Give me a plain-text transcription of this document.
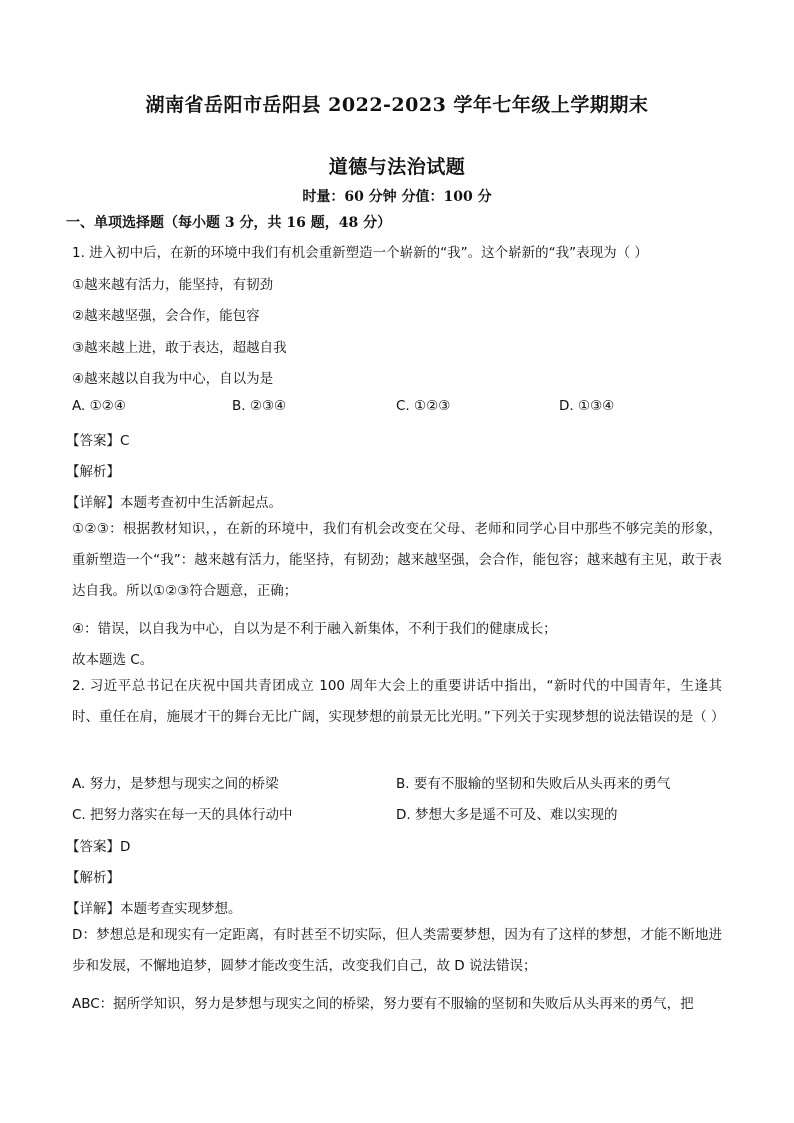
湖南省岳阳市岳阳县 2022-2023 学年七年级上学期期末
道德与法治试题
时量：60 分钟 分值：100 分
一、单项选择题（每小题 3 分，共 16 题，48 分）
1. 进入初中后，在新的环境中我们有机会重新塑造一个崭新的“我”。这个崭新的“我”表现为（ ）
①越来越有活力，能坚持，有韧劲
②越来越坚强，会合作，能包容
③越来越上进，敢于表达，超越自我
④越来越以自我为中心，自以为是
A. ①②④	B. ②③④	C. ①②③	D. ①③④
【答案】C
【解析】
【详解】本题考查初中生活新起点。
①②③：根据教材知识，，在新的环境中，我们有机会改变在父母、老师和同学心目中那些不够完美的形象，重新塑造一个“我”：越来越有活力，能坚持，有韧劲；越来越坚强，会合作，能包容；越来越有主见，敢于表达自我。所以①②③符合题意，正确；
④：错误，以自我为中心，自以为是不利于融入新集体，不利于我们的健康成长；
故本题选 C。
2. 习近平总书记在庆祝中国共青团成立 100 周年大会上的重要讲话中指出，“新时代的中国青年，生逢其时、重任在肩，施展才干的舞台无比广阔，实现梦想的前景无比光明。”下列关于实现梦想的说法错误的是（ ）
A. 努力，是梦想与现实之间的桥梁	B. 要有不服输的坚韧和失败后从头再来的勇气
C. 把努力落实在每一天的具体行动中	D. 梦想大多是遥不可及、难以实现的
【答案】D
【解析】
【详解】本题考查实现梦想。
D：梦想总是和现实有一定距离，有时甚至不切实际，但人类需要梦想，因为有了这样的梦想，才能不断地进步和发展，不懈地追梦，圆梦才能改变生活，改变我们自己，故 D 说法错误；
ABC：据所学知识，努力是梦想与现实之间的桥梁，努力要有不服输的坚韧和失败后从头再来的勇气，把
